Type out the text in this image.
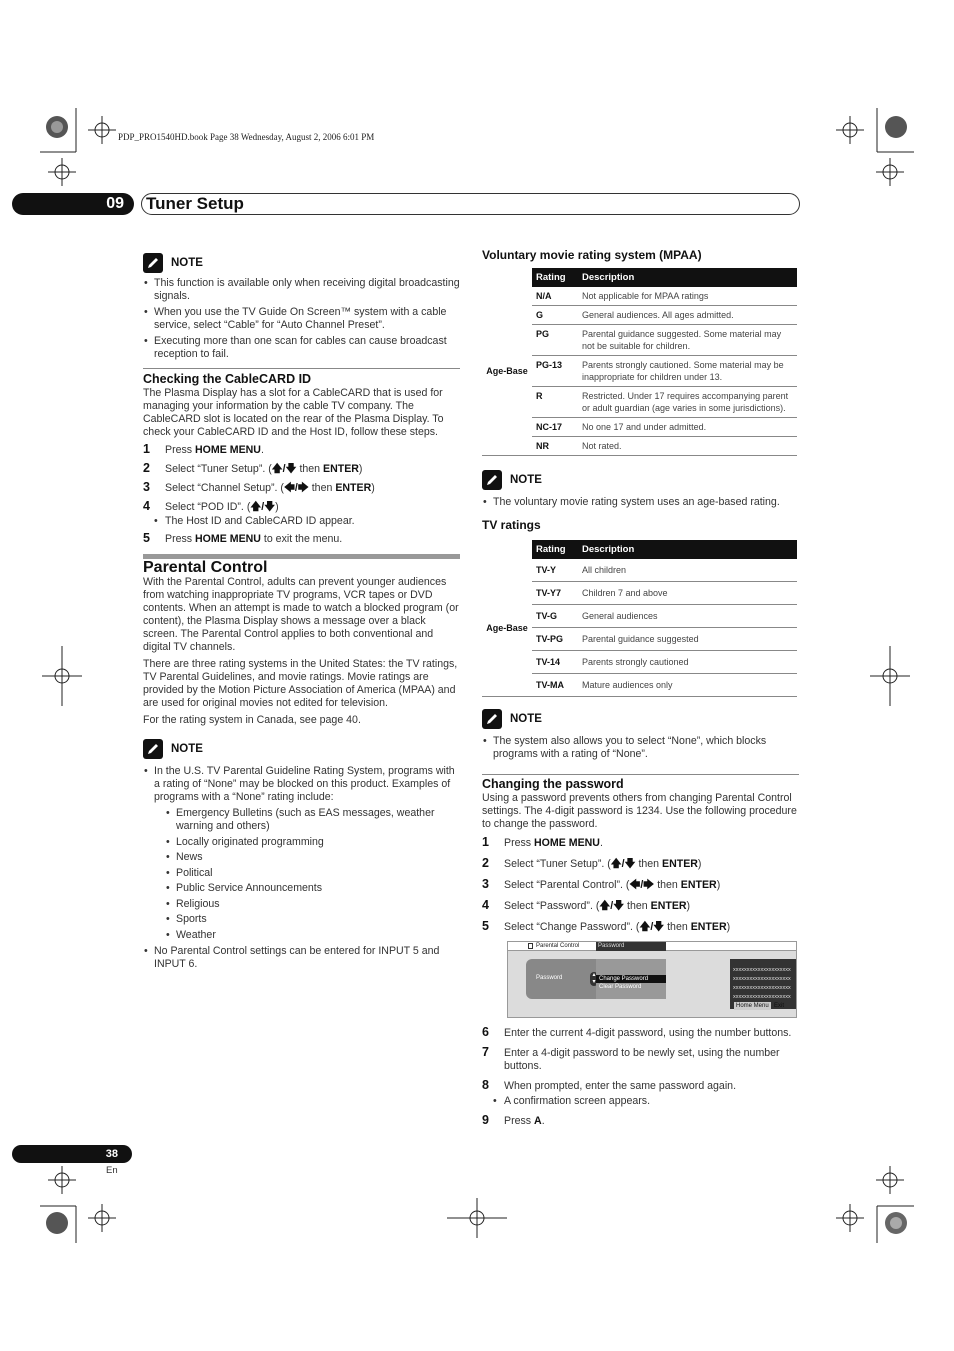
PDP_PRO1540HD.book Page 38 Wednesday, August 2, 2006 6:01 PM
09	Tuner Setup
NOTE
• This function is available only when receiving digital broadcasting signals.
• When you use the TV Guide On Screen™ system with a cable service, select “Cable” for “Auto Channel Preset”.
• Executing more than one scan for cables can cause broadcast reception to fail.
Checking the CableCARD ID

The Plasma Display has a slot for a CableCARD that is used for managing your information by the cable TV company. The CableCARD slot is located on the rear of the Plasma Display. To check your CableCARD ID and the Host ID, follow these steps.

1	Press HOME MENU.
2	Select “Tuner Setup”. (🡅/🡇 then ENTER)
3	Select “Channel Setup”. (🡄/🡆 then ENTER)
4	Select “POD ID”. (🡅/🡇)
• The Host ID and CableCARD ID appear.
5	Press HOME MENU to exit the menu.
Parental Control

With the Parental Control, adults can prevent younger audiences from watching inappropriate TV programs, VCR tapes or DVD contents. When an attempt is made to watch a blocked program (or content), the Plasma Display shows a message over a black screen. The Parental Control applies to both conventional and digital TV channels.

There are three rating systems in the United States: the TV ratings, TV Parental Guidelines, and movie ratings. Movie ratings are provided by the Motion Picture Association of America (MPAA) and are used for original movies not edited for television.

For the rating system in Canada, see page 40.

NOTE
• In the U.S. TV Parental Guideline Rating System, programs with a rating of “None” may be blocked on this product. Examples of programs with a “None” rating include:
• Emergency Bulletins (such as EAS messages, weather warning and others)
• Locally originated programming
• News
• Political
• Public Service Announcements
• Religious
• Sports
• Weather
• No Parental Control settings can be entered for INPUT 5 and INPUT 6.
Voluntary movie rating system (MPAA)
	Rating	Description
Age-Base	N/A	Not applicable for MPAA ratings
	G	General audiences. All ages admitted.
	PG	Parental guidance suggested. Some material may not be suitable for children.
	PG-13	Parents strongly cautioned. Some material may be inappropriate for children under 13.
	R	Restricted. Under 17 requires accompanying parent or adult guardian (age varies in some jurisdictions).
	NC-17	No one 17 and under admitted.
	NR	Not rated.
NOTE
• The voluntary movie rating system uses an age-based rating.
TV ratings
	Rating	Description
Age-Base	TV-Y	All children
	TV-Y7	Children 7 and above
	TV-G	General audiences
	TV-PG	Parental guidance suggested
	TV-14	Parents strongly cautioned
	TV-MA	Mature audiences only
NOTE
• The system also allows you to select “None”, which blocks programs with a rating of “None”.
Changing the password

Using a password prevents others from changing Parental Control settings. The 4-digit password is 1234. Use the following procedure to change the password.

1	Press HOME MENU.
2	Select “Tuner Setup”. (🡅/🡇 then ENTER)
3	Select “Parental Control”. (🡄/🡆 then ENTER)
4	Select “Password”. (🡅/🡇 then ENTER)
5	Select “Change Password”. (🡅/🡇 then ENTER)
Parental Control	Password
Password	▴
▾ Change Password
Clear Password
xxxxxxxxxxxxxxxxxxxxx
xxxxxxxxxxxxxxxxxxxxx
xxxxxxxxxxxxxxxxxxxxx
xxxxxxxxxxxxxxxxxxxxx
Home Menu Exit
6	Enter the current 4-digit password, using the number buttons.
7	Enter a 4-digit password to be newly set, using the number buttons.
8	When prompted, enter the same password again.
• A confirmation screen appears.
9	Press A.
38
En
